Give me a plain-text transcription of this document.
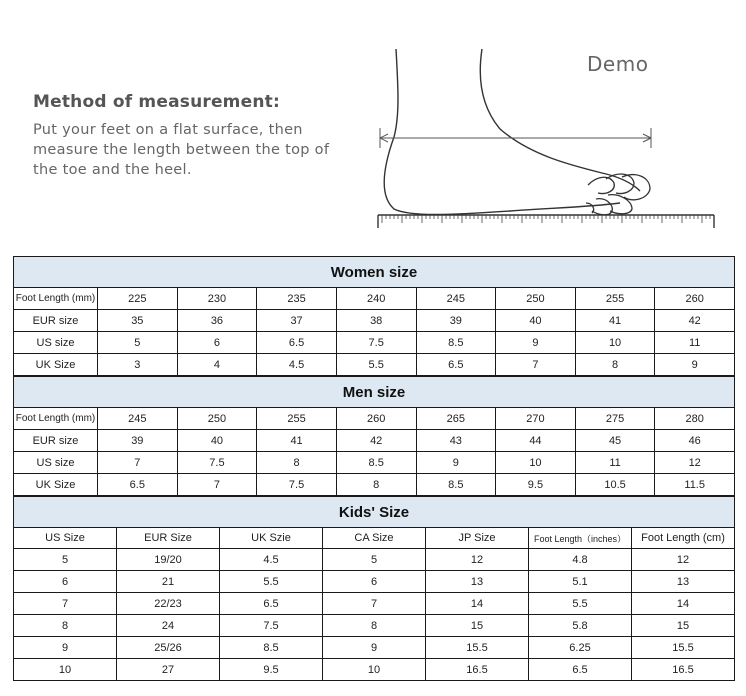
Method of measurement:

Put your feet on a flat surface, then
measure the length between the top of
the toe and the heel.

Demo
Women size								
Foot Length (mm)	225	230	235	240	245	250	255	260
EUR size	35	36	37	38	39	40	41	42
US size	5	6	6.5	7.5	8.5	9	10	11
UK Size	3	4	4.5	5.5	6.5	7	8	9
Men size								
Foot Length (mm)	245	250	255	260	265	270	275	280
EUR size	39	40	41	42	43	44	45	46
US size	7	7.5	8	8.5	9	10	11	12
UK Size	6.5	7	7.5	8	8.5	9.5	10.5	11.5
Kids' Size						
US Size	EUR Size	UK Szie	CA Size	JP Size	Foot Length（inches）	Foot Length (cm)
5	19/20	4.5	5	12	4.8	12
6	21	5.5	6	13	5.1	13
7	22/23	6.5	7	14	5.5	14
8	24	7.5	8	15	5.8	15
9	25/26	8.5	9	15.5	6.25	15.5
10	27	9.5	10	16.5	6.5	16.5
